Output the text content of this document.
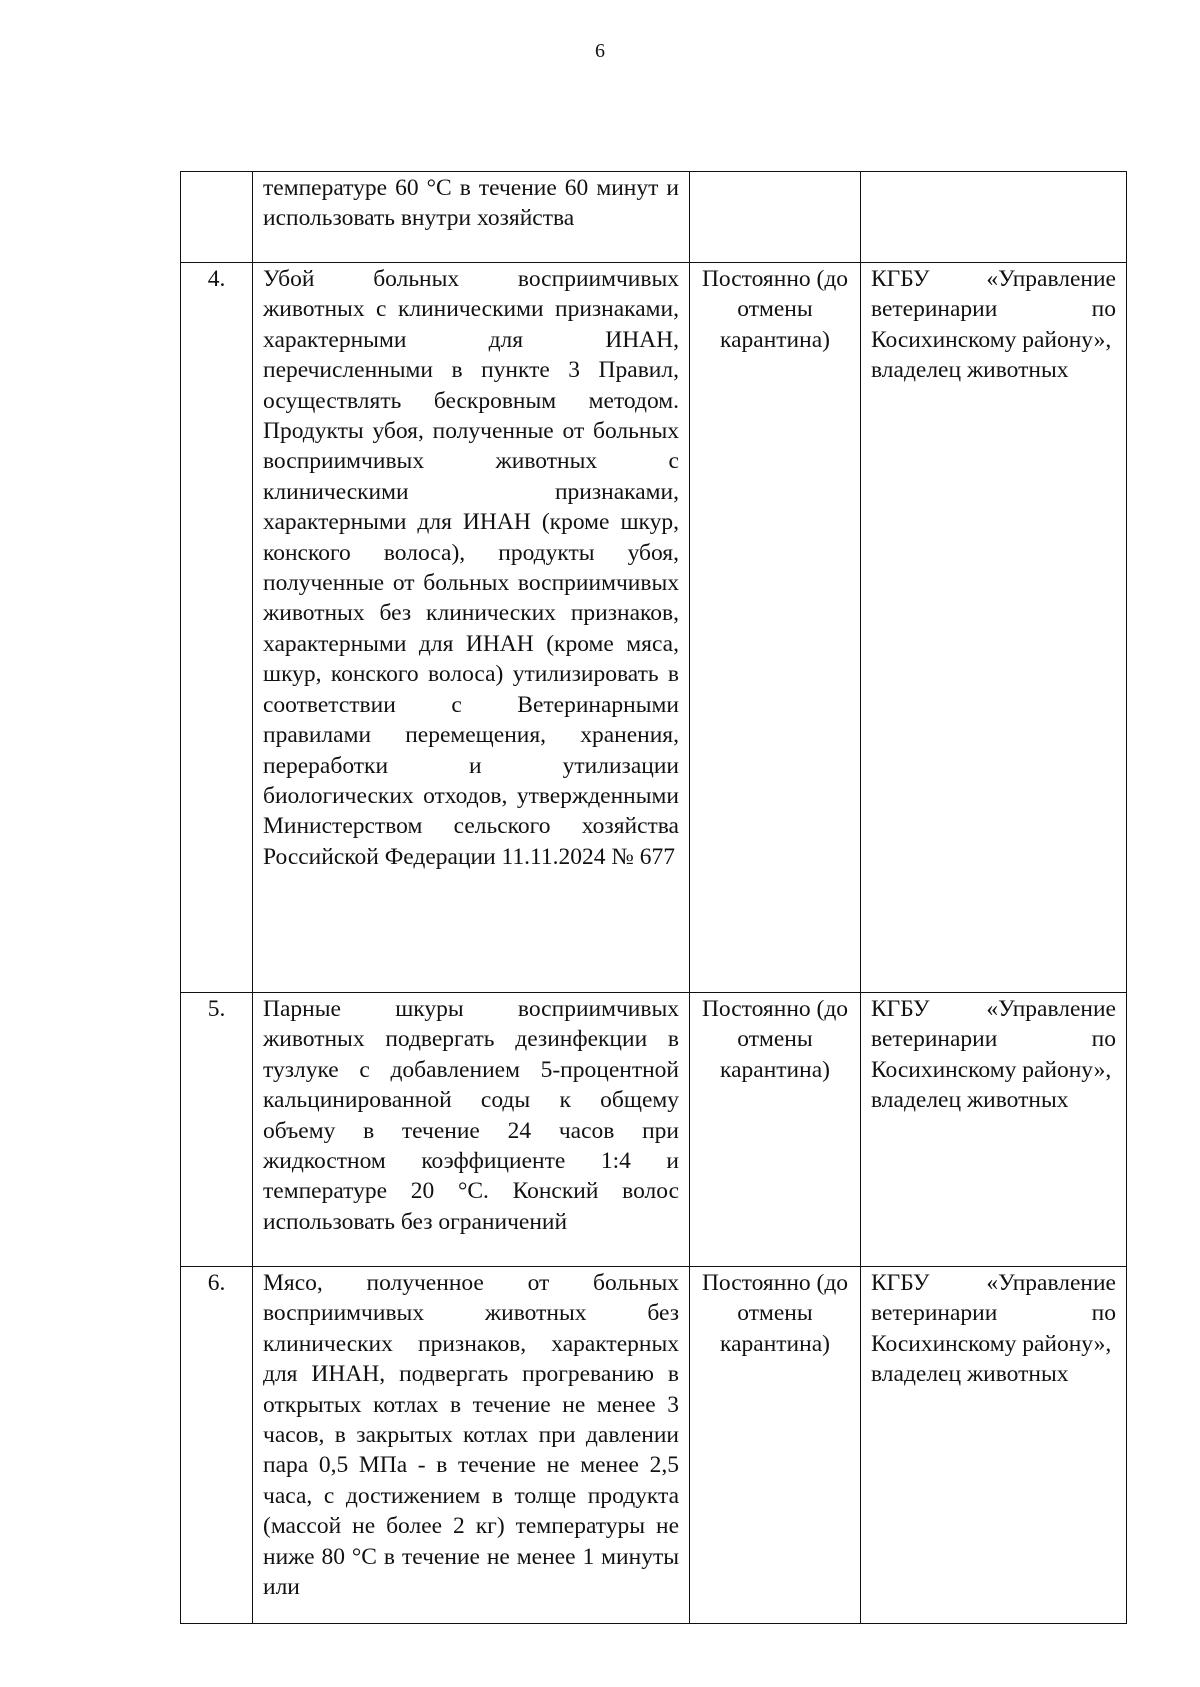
6
	температуре 60 °С в течение 60 минут и использовать внутри хозяйства		

4.	Убой больных восприимчивых животных с клиническими признаками, характерными для ИНАН, перечисленными в пункте 3 Правил, осуществлять бескровным методом. Продукты убоя, полученные от больных восприимчивых животных с клиническими признаками, характерными для ИНАН (кроме шкур, конского волоса), продукты убоя, полученные от больных восприимчивых животных без клинических признаков, характерными для ИНАН (кроме мяса, шкур, конского волоса) утилизировать в соответствии с Ветеринарными правилами перемещения, хранения, переработки и утилизации биологических отходов, утвержденными Министерством сельского хозяйства Российской Федерации 11.11.2024 № 677	Постоянно (до отмены карантина)	КГБУ «Управление ветеринарии по Косихинскому району»,
владелец животных

5.	Парные шкуры восприимчивых животных подвергать дезинфекции в тузлуке с добавлением 5-процентной кальцинированной соды к общему объему в течение 24 часов при жидкостном коэффициенте 1:4 и температуре 20 °С. Конский волос использовать без ограничений	Постоянно (до отмены карантина)	КГБУ «Управление ветеринарии по Косихинскому району»,
владелец животных

6.	Мясо, полученное от больных восприимчивых животных без клинических признаков, характерных для ИНАН, подвергать прогреванию в открытых котлах в течение не менее 3 часов, в закрытых котлах при давлении пара 0,5 МПа - в течение не менее 2,5 часа, с достижением в толще продукта (массой не более 2 кг) температуры не ниже 80 °С в течение не менее 1 минуты или	Постоянно (до отмены карантина)	КГБУ «Управление ветеринарии по Косихинскому району»,
владелец животных
